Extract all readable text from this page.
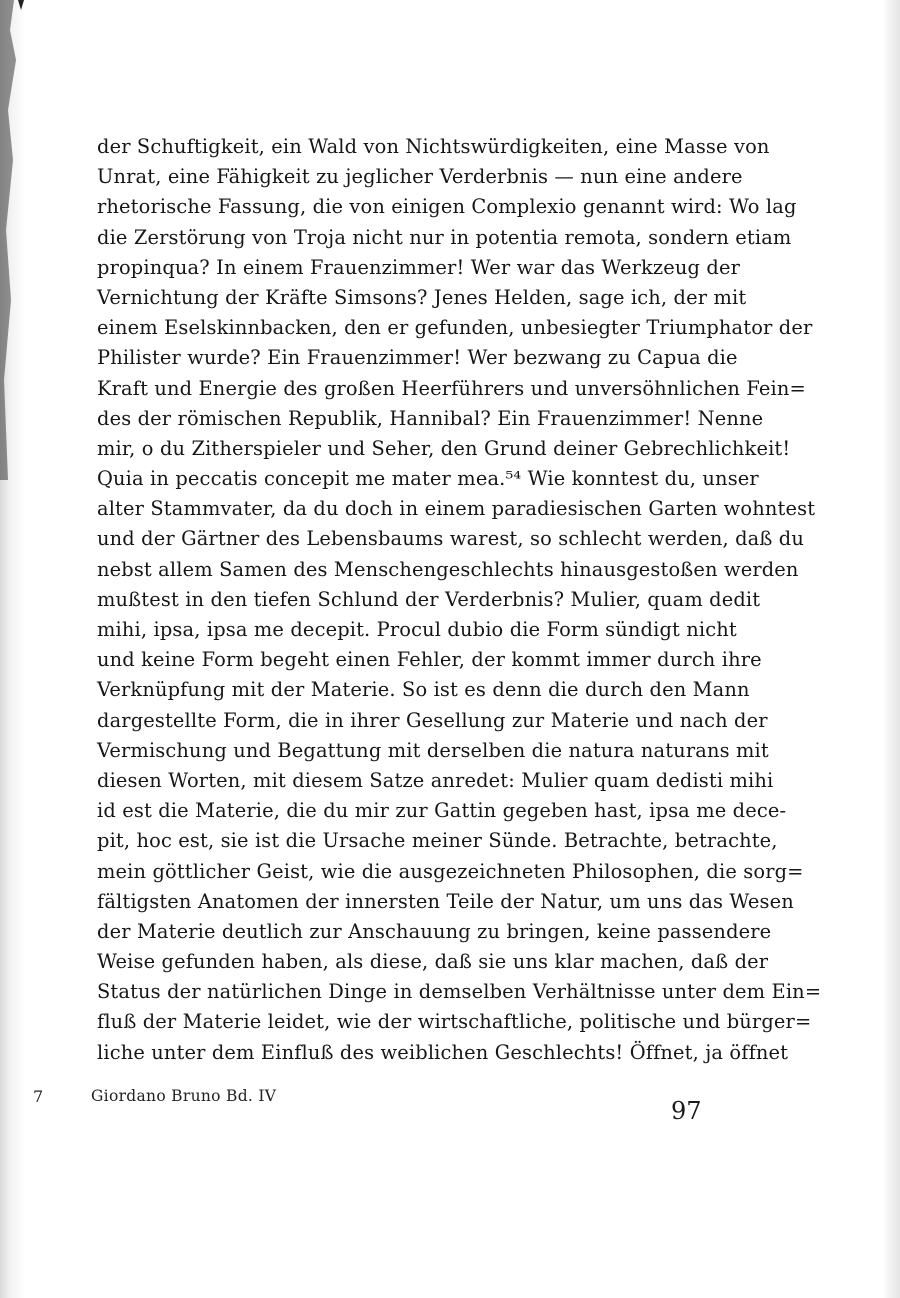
der Schuftigkeit, ein Wald von Nichtswürdigkeiten, eine Masse von
Unrat, eine Fähigkeit zu jeglicher Verderbnis — nun eine andere
rhetorische Fassung, die von einigen Complexio genannt wird: Wo lag
die Zerstörung von Troja nicht nur in potentia remota, sondern etiam
propinqua? In einem Frauenzimmer! Wer war das Werkzeug der
Vernichtung der Kräfte Simsons? Jenes Helden, sage ich, der mit
einem Eselskinnbacken, den er gefunden, unbesiegter Triumphator der
Philister wurde? Ein Frauenzimmer! Wer bezwang zu Capua die
Kraft und Energie des großen Heerführers und unversöhnlichen Fein=
des der römischen Republik, Hannibal? Ein Frauenzimmer! Nenne
mir, o du Zitherspieler und Seher, den Grund deiner Gebrechlichkeit!
Quia in peccatis concepit me mater mea.⁵⁴ Wie konntest du, unser
alter Stammvater, da du doch in einem paradiesischen Garten wohntest
und der Gärtner des Lebensbaums warest, so schlecht werden, daß du
nebst allem Samen des Menschengeschlechts hinausgestoßen werden
mußtest in den tiefen Schlund der Verderbnis? Mulier, quam dedit
mihi, ipsa, ipsa me decepit. Procul dubio die Form sündigt nicht
und keine Form begeht einen Fehler, der kommt immer durch ihre
Verknüpfung mit der Materie. So ist es denn die durch den Mann
dargestellte Form, die in ihrer Gesellung zur Materie und nach der
Vermischung und Begattung mit derselben die natura naturans mit
diesen Worten, mit diesem Satze anredet: Mulier quam dedisti mihi
id est die Materie, die du mir zur Gattin gegeben hast, ipsa me dece-
pit, hoc est, sie ist die Ursache meiner Sünde. Betrachte, betrachte,
mein göttlicher Geist, wie die ausgezeichneten Philosophen, die sorg=
fältigsten Anatomen der innersten Teile der Natur, um uns das Wesen
der Materie deutlich zur Anschauung zu bringen, keine passendere
Weise gefunden haben, als diese, daß sie uns klar machen, daß der
Status der natürlichen Dinge in demselben Verhältnisse unter dem Ein=
fluß der Materie leidet, wie der wirtschaftliche, politische und bürger=
liche unter dem Einfluß des weiblichen Geschlechts! Öffnet, ja öffnet
7	Giordano Bruno Bd. IV
97
